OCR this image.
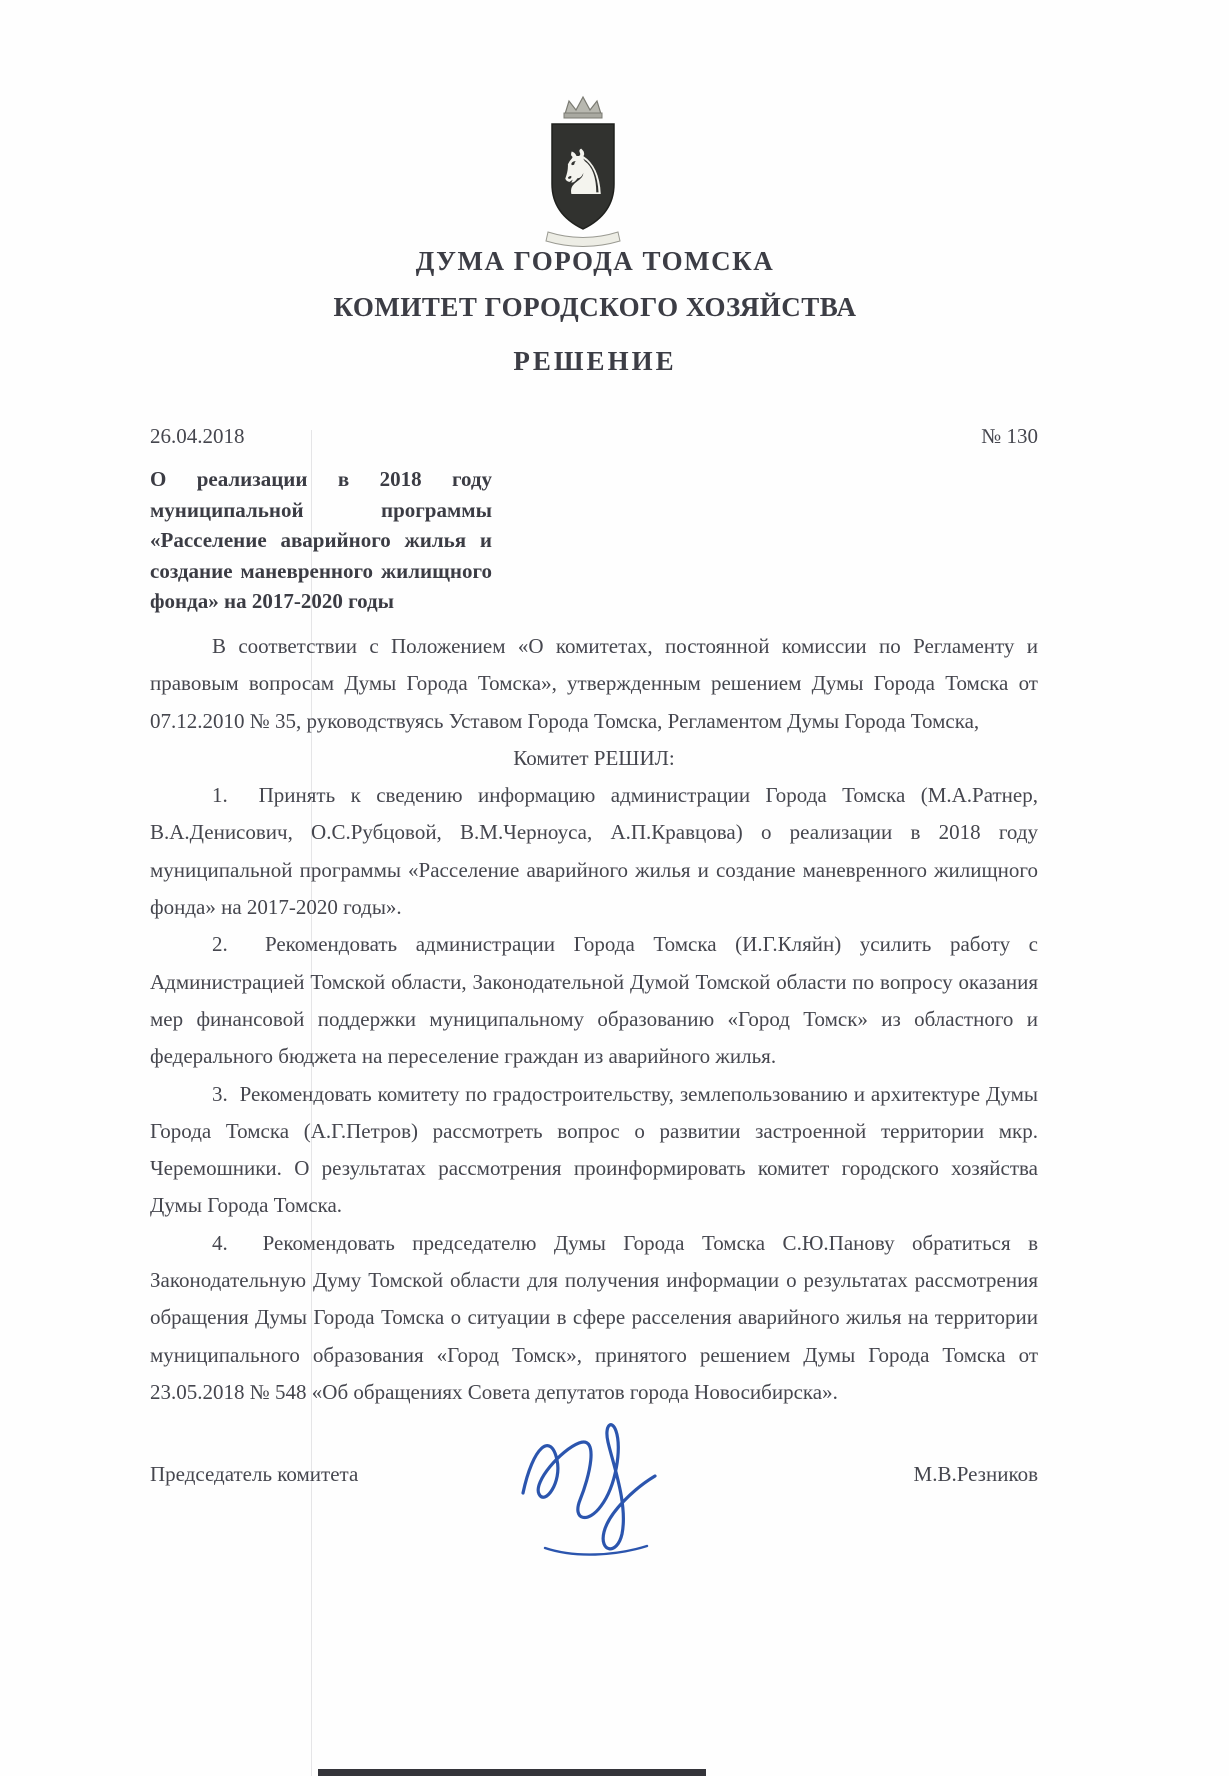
♞
ДУМА ГОРОДА ТОМСКА
КОМИТЕТ ГОРОДСКОГО ХОЗЯЙСТВА
РЕШЕНИЕ
26.04.2018	№ 130
О реализации в 2018 году муниципальной программы «Расселение аварийного жилья и создание маневренного жилищного фонда» на 2017-2020 годы

В соответствии с Положением «О комитетах, постоянной комиссии по Регламенту и правовым вопросам Думы Города Томска», утвержденным решением Думы Города Томска от 07.12.2010 № 35, руководствуясь Уставом Города Томска, Регламентом Думы Города Томска,

Комитет РЕШИЛ:

1.  Принять к сведению информацию администрации Города Томска (М.А.Ратнер, В.А.Денисович, О.С.Рубцовой, В.М.Черноуса, А.П.Кравцова) о реализации в 2018 году муниципальной программы «Расселение аварийного жилья и создание маневренного жилищного фонда» на 2017-2020 годы».

2.  Рекомендовать администрации Города Томска (И.Г.Кляйн) усилить работу с Администрацией Томской области, Законодательной Думой Томской области по вопросу оказания мер финансовой поддержки муниципальному образованию «Город Томск» из областного и федерального бюджета на переселение граждан из аварийного жилья.

3.  Рекомендовать комитету по градостроительству, землепользованию и архитектуре Думы Города Томска (А.Г.Петров) рассмотреть вопрос о развитии застроенной территории мкр. Черемошники. О результатах рассмотрения проинформировать комитет городского хозяйства Думы Города Томска.

4.  Рекомендовать председателю Думы Города Томска С.Ю.Панову обратиться в Законодательную Думу Томской области для получения информации о результатах рассмотрения обращения Думы Города Томска о ситуации в сфере расселения аварийного жилья на территории муниципального образования «Город Томск», принятого решением Думы Города Томска от 23.05.2018 № 548 «Об обращениях Совета депутатов города Новосибирска».

Председатель комитета	М.В.Резников
